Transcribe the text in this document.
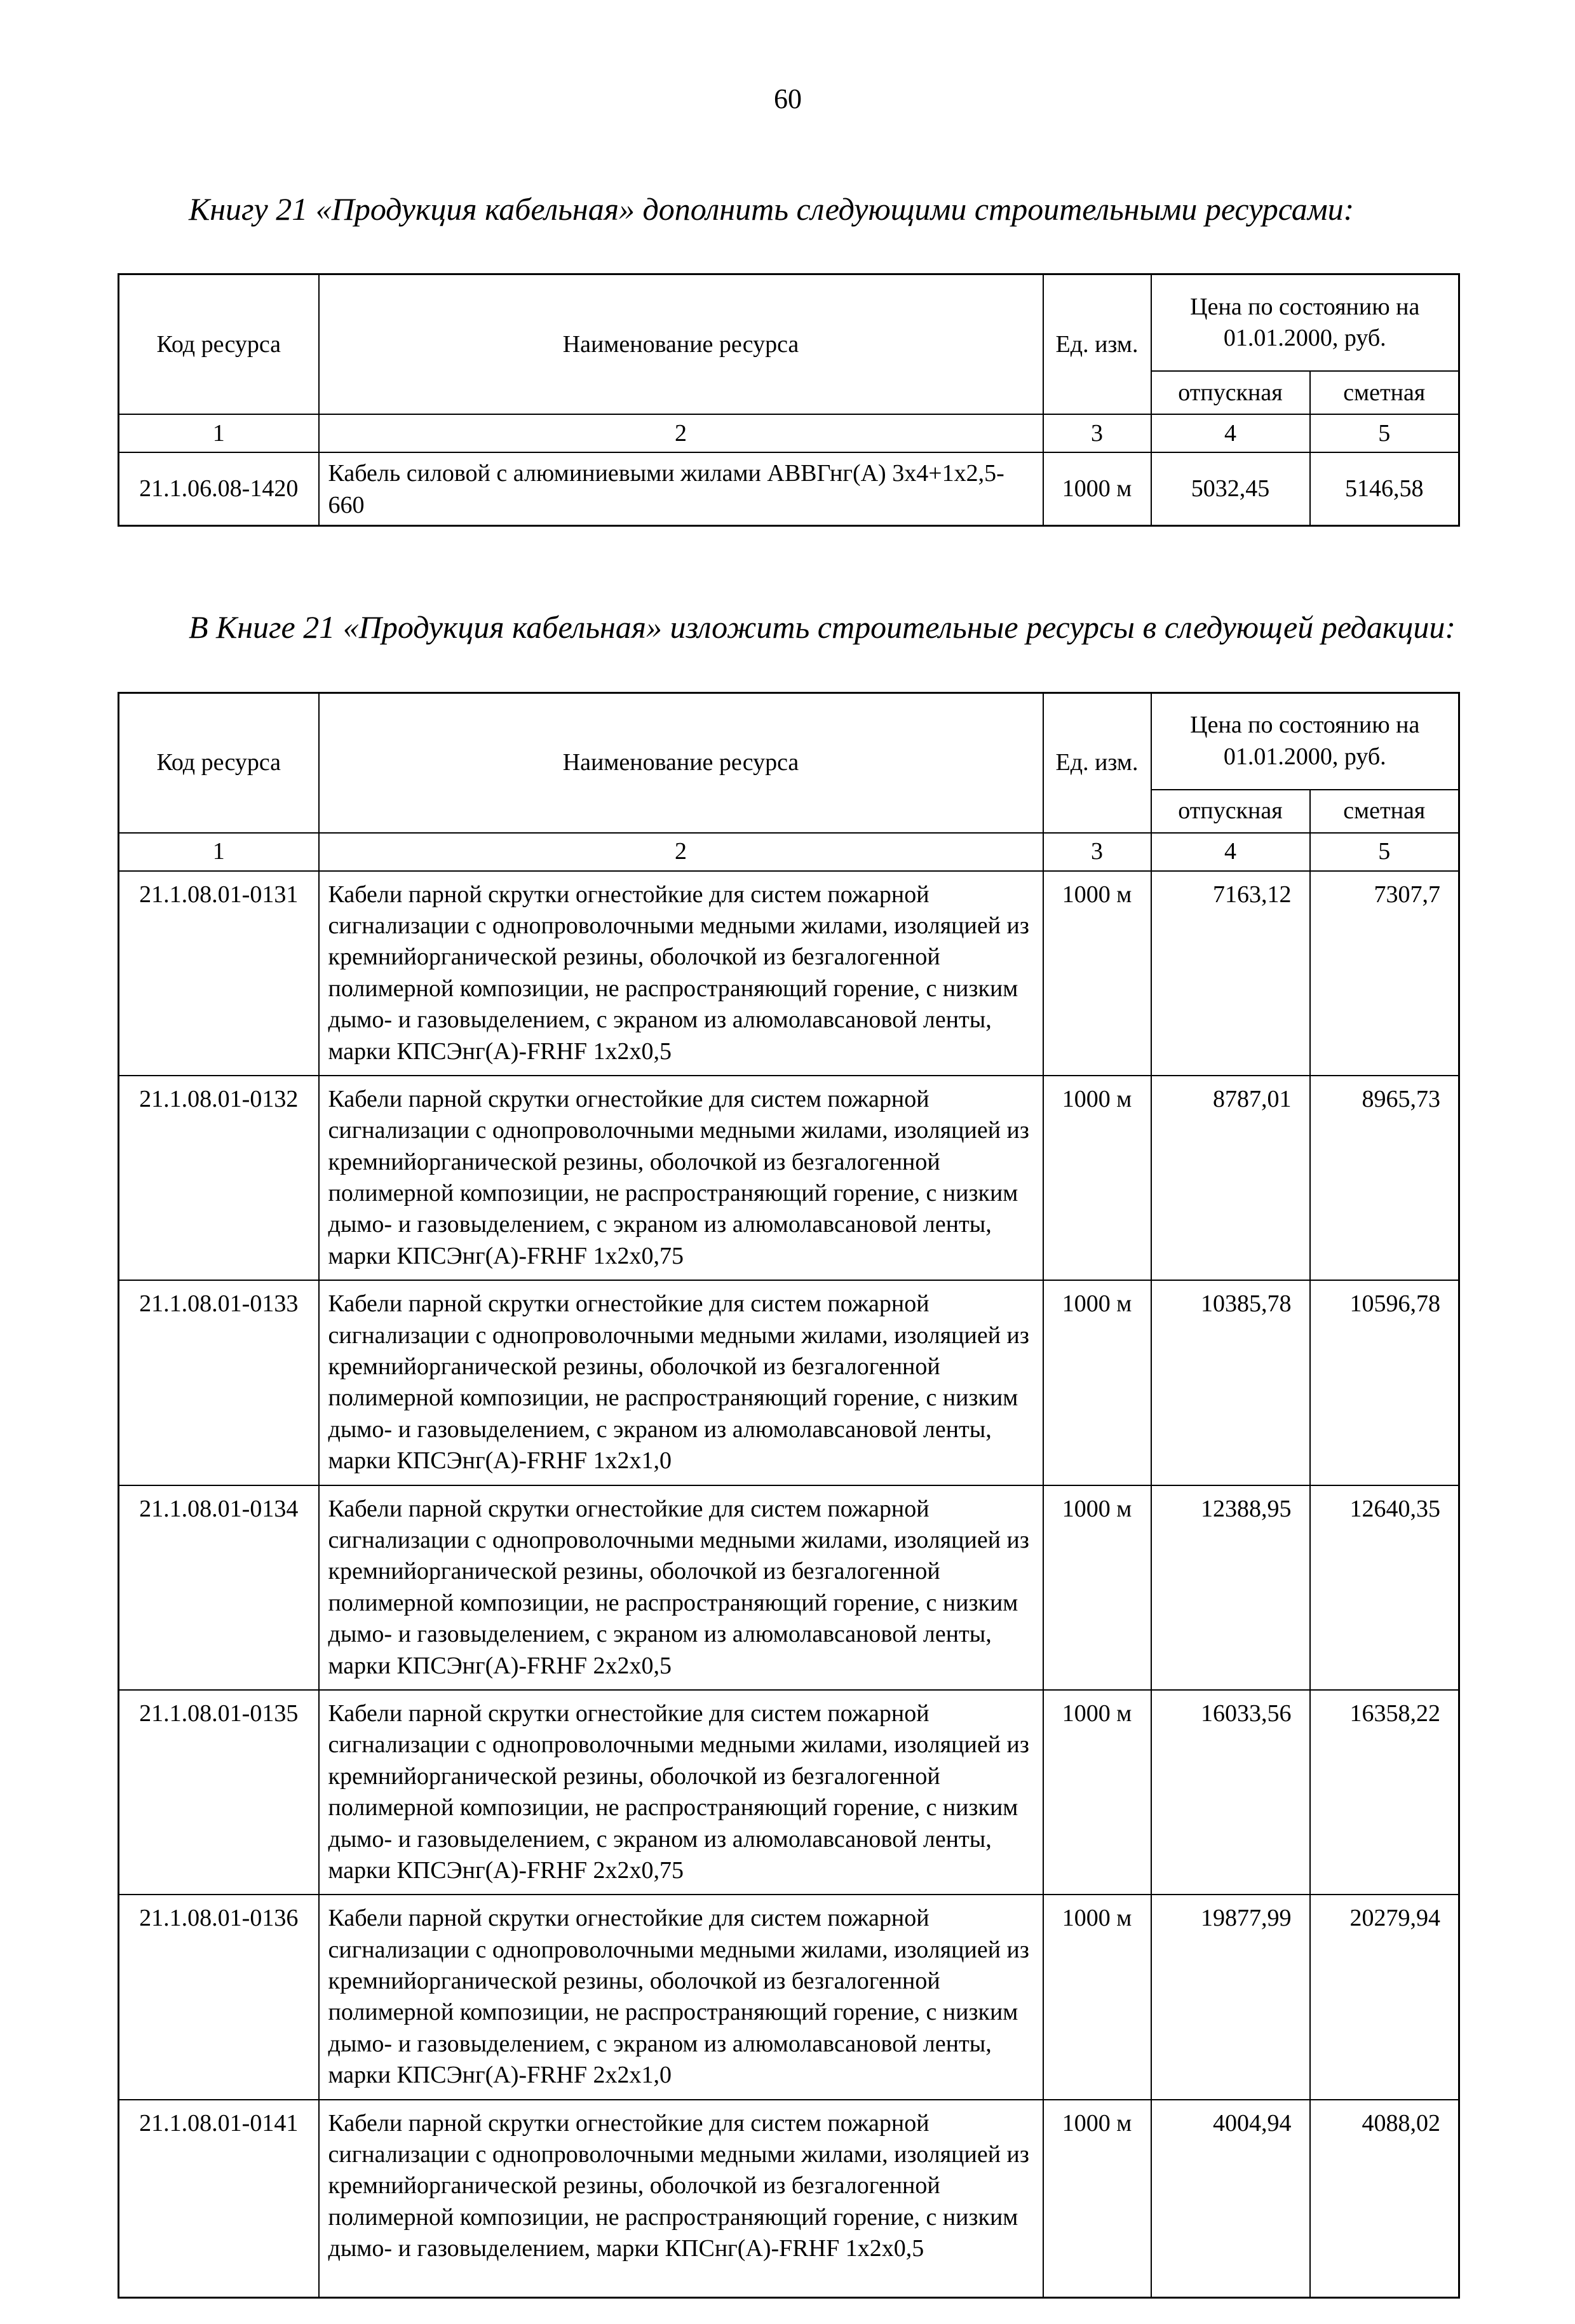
60

Книгу 21 «Продукция кабельная» дополнить следующими строительными ресурсами:

Код ресурса	Наименование ресурса	Ед. изм.	Цена по состоянию на 01.01.2000, руб.	
			отпускная	сметная
1	2	3	4	5
21.1.06.08-1420	Кабель силовой с алюминиевыми жилами АВВГнг(А) 3х4+1х2,5-660	1000 м	5032,45	5146,58

В Книге 21 «Продукция кабельная» изложить строительные ресурсы в следующей редакции:

Код ресурса	Наименование ресурса	Ед. изм.	Цена по состоянию на 01.01.2000, руб.	
			отпускная	сметная
1	2	3	4	5
21.1.08.01-0131	Кабели парной скрутки огнестойкие для систем пожарной сигнализации с однопроволочными медными жилами, изоляцией из кремнийорганической резины, оболочкой из безгалогенной полимерной композиции, не распространяющий горение, с низким дымо- и газовыделением, с экраном из алюмолавсановой ленты, марки КПСЭнг(А)-FRHF 1х2х0,5	1000 м	7163,12	7307,7
21.1.08.01-0132	Кабели парной скрутки огнестойкие для систем пожарной сигнализации с однопроволочными медными жилами, изоляцией из кремнийорганической резины, оболочкой из безгалогенной полимерной композиции, не распространяющий горение, с низким дымо- и газовыделением, с экраном из алюмолавсановой ленты, марки КПСЭнг(А)-FRHF 1х2х0,75	1000 м	8787,01	8965,73
21.1.08.01-0133	Кабели парной скрутки огнестойкие для систем пожарной сигнализации с однопроволочными медными жилами, изоляцией из кремнийорганической резины, оболочкой из безгалогенной полимерной композиции, не распространяющий горение, с низким дымо- и газовыделением, с экраном из алюмолавсановой ленты, марки КПСЭнг(А)-FRHF 1х2х1,0	1000 м	10385,78	10596,78
21.1.08.01-0134	Кабели парной скрутки огнестойкие для систем пожарной сигнализации с однопроволочными медными жилами, изоляцией из кремнийорганической резины, оболочкой из безгалогенной полимерной композиции, не распространяющий горение, с низким дымо- и газовыделением, с экраном из алюмолавсановой ленты, марки КПСЭнг(А)-FRHF 2х2х0,5	1000 м	12388,95	12640,35
21.1.08.01-0135	Кабели парной скрутки огнестойкие для систем пожарной сигнализации с однопроволочными медными жилами, изоляцией из кремнийорганической резины, оболочкой из безгалогенной полимерной композиции, не распространяющий горение, с низким дымо- и газовыделением, с экраном из алюмолавсановой ленты, марки КПСЭнг(А)-FRHF 2х2х0,75	1000 м	16033,56	16358,22
21.1.08.01-0136	Кабели парной скрутки огнестойкие для систем пожарной сигнализации с однопроволочными медными жилами, изоляцией из кремнийорганической резины, оболочкой из безгалогенной полимерной композиции, не распространяющий горение, с низким дымо- и газовыделением, с экраном из алюмолавсановой ленты, марки КПСЭнг(А)-FRHF 2х2х1,0	1000 м	19877,99	20279,94
21.1.08.01-0141	Кабели парной скрутки огнестойкие для систем пожарной сигнализации с однопроволочными медными жилами, изоляцией из кремнийорганической резины, оболочкой из безгалогенной полимерной композиции, не распространяющий горение, с низким дымо- и газовыделением, марки КПСнг(А)-FRHF 1х2х0,5	1000 м	4004,94	4088,02
